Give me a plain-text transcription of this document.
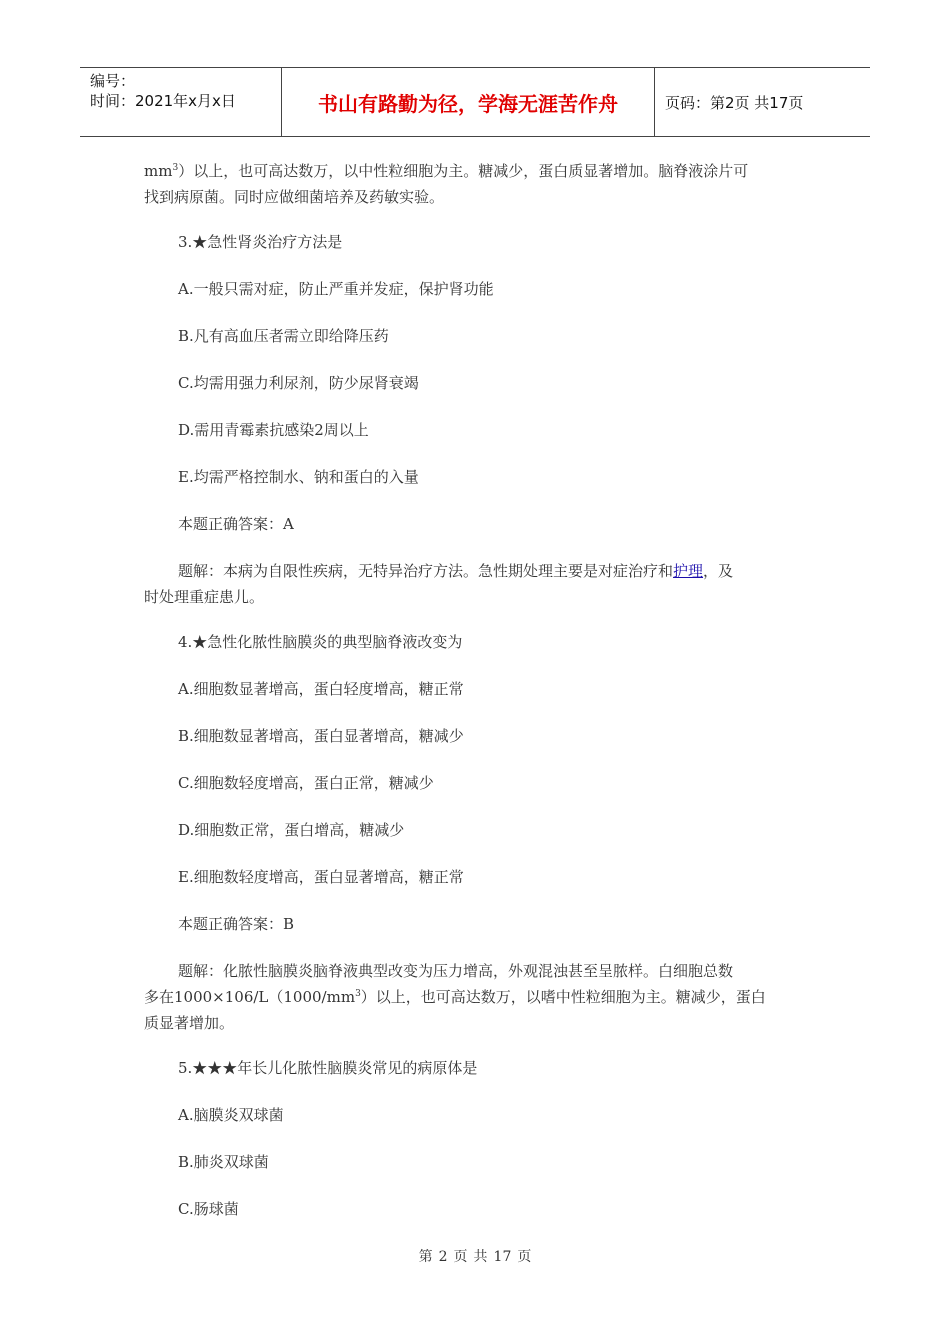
编号：
时间：2021年x月x日	书山有路勤为径，学海无涯苦作舟	页码：第2页 共17页

$mm^3$）以上，也可高达数万，以中性粒细胞为主。糖减少，蛋白质显著增加。脑脊液涂片可

找到病原菌。同时应做细菌培养及药敏实验。

3.★急性肾炎治疗方法是

A.一般只需对症，防止严重并发症，保护肾功能

B.凡有高血压者需立即给降压药

C.均需用强力利尿剂，防少尿肾衰竭

D.需用青霉素抗感染2周以上

E.均需严格控制水、钠和蛋白的入量

本题正确答案：A

题解：本病为自限性疾病，无特异治疗方法。急性期处理主要是对症治疗和护理，及

时处理重症患儿。

4.★急性化脓性脑膜炎的典型脑脊液改变为

A.细胞数显著增高，蛋白轻度增高，糖正常

B.细胞数显著增高，蛋白显著增高，糖减少

C.细胞数轻度增高，蛋白正常，糖减少

D.细胞数正常，蛋白增高，糖减少

E.细胞数轻度增高，蛋白显著增高，糖正常

本题正确答案：B

题解：化脓性脑膜炎脑脊液典型改变为压力增高，外观混浊甚至呈脓样。白细胞总数

多在$1000\times 106/L(1000/mm^3)$以上，也可高达数万，以嗜中性粒细胞为主。糖减少，蛋白

质显著增加。

5.★★★年长儿化脓性脑膜炎常见的病原体是

A.脑膜炎双球菌

B.肺炎双球菌

C.肠球菌

第 2 页 共 17 页
